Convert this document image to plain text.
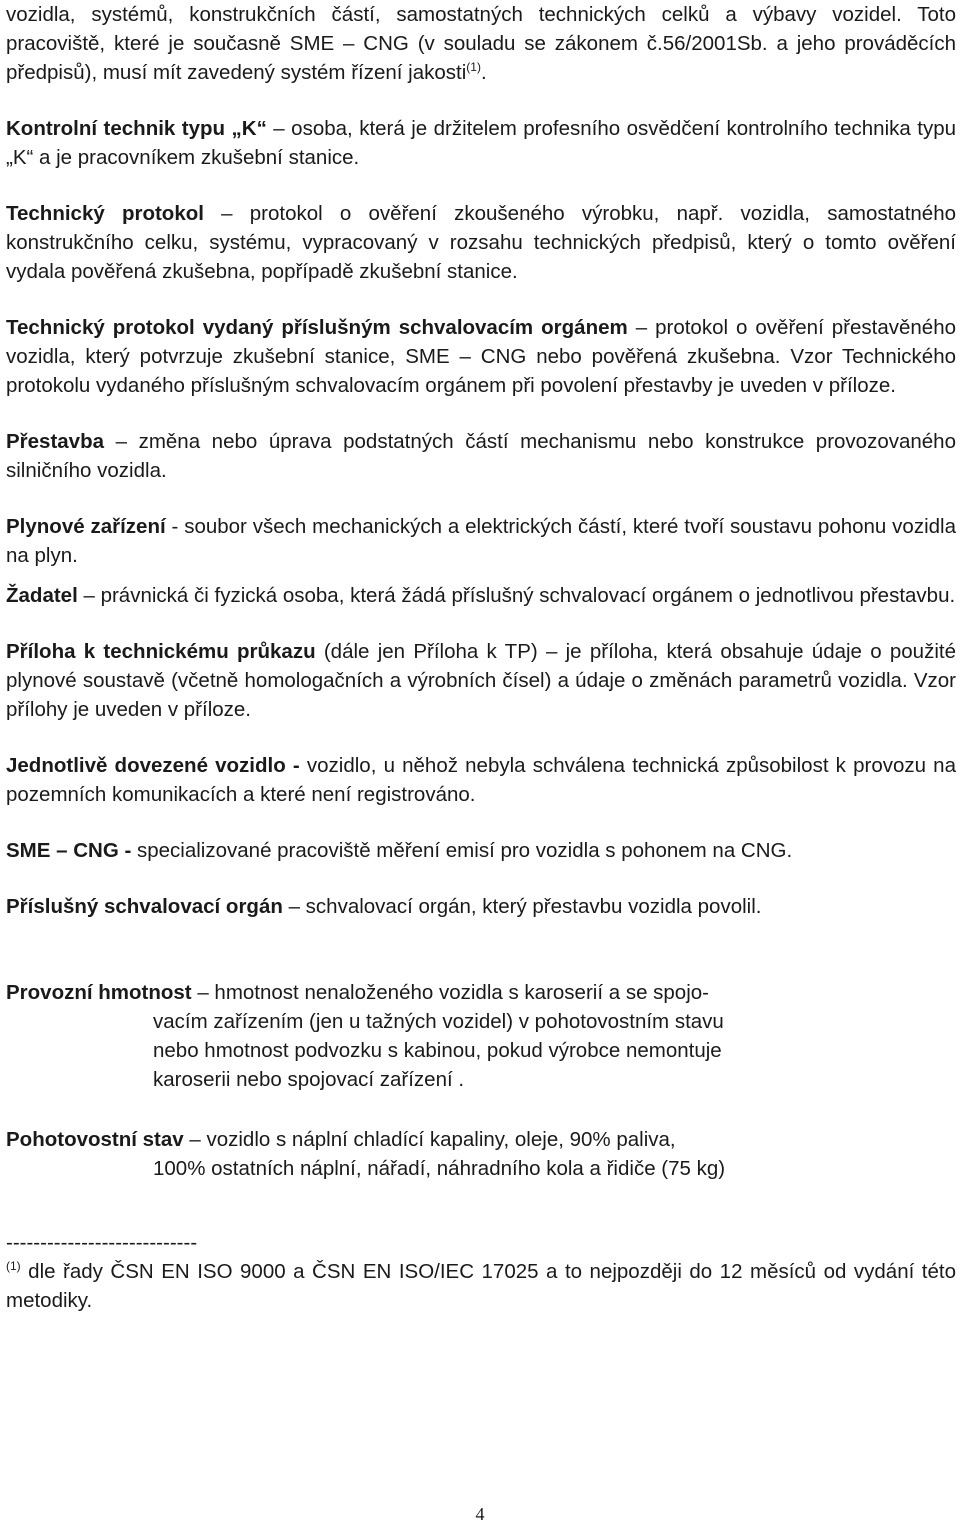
vozidla, systémů, konstrukčních částí, samostatných technických celků a výbavy vozidel. Toto pracoviště, které je současně SME – CNG (v souladu se zákonem č.56/2001Sb. a jeho prováděcích předpisů), musí mít zavedený systém řízení jakosti$^{(1)}$.

Kontrolní technik typu „K“ – osoba, která je držitelem profesního osvědčení kontrolního technika typu „K“ a je pracovníkem zkušební stanice.

Technický protokol – protokol o ověření zkoušeného výrobku, např. vozidla, samostatného konstrukčního celku, systému, vypracovaný v rozsahu technických předpisů, který o tomto ověření vydala pověřená zkušebna, popřípadě zkušební stanice.

Technický protokol vydaný příslušným schvalovacím orgánem – protokol o ověření přestavěného vozidla, který potvrzuje zkušební stanice, SME – CNG nebo pověřená zkušebna. Vzor Technického protokolu vydaného příslušným schvalovacím orgánem při povolení přestavby je uveden v příloze.

Přestavba – změna nebo úprava podstatných částí mechanismu nebo konstrukce provozovaného silničního vozidla.

Plynové zařízení - soubor všech mechanických a elektrických částí, které tvoří soustavu pohonu vozidla na plyn.

Žadatel – právnická či fyzická osoba, která žádá příslušný schvalovací orgánem o jednotlivou přestavbu.

Příloha k technickému průkazu (dále jen Příloha k TP) – je příloha, která obsahuje údaje o použité plynové soustavě (včetně homologačních a výrobních čísel) a údaje o změnách parametrů vozidla. Vzor přílohy je uveden v příloze.

Jednotlivě dovezené vozidlo - vozidlo, u něhož nebyla schválena technická způsobilost k provozu na pozemních komunikacích a které není registrováno.

SME – CNG - specializované pracoviště měření emisí pro vozidla s pohonem na CNG.

Příslušný schvalovací orgán – schvalovací orgán, který přestavbu vozidla povolil.

Provozní hmotnost – hmotnost nenaloženého vozidla s karoserií a se spojo-

vacím zařízením (jen u tažných vozidel) v pohotovostním stavu

nebo hmotnost podvozku s kabinou, pokud výrobce nemontuje

karoserii nebo spojovací zařízení .

Pohotovostní stav – vozidlo s náplní chladící kapaliny, oleje, 90% paliva,

100% ostatních náplní, nářadí, náhradního kola a řidiče (75 kg)

----------------------------

$^{(1)}$ dle řady ČSN EN ISO 9000 a ČSN EN ISO/IEC 17025 a to nejpozději do 12 měsíců od vydání této metodiky.

4
